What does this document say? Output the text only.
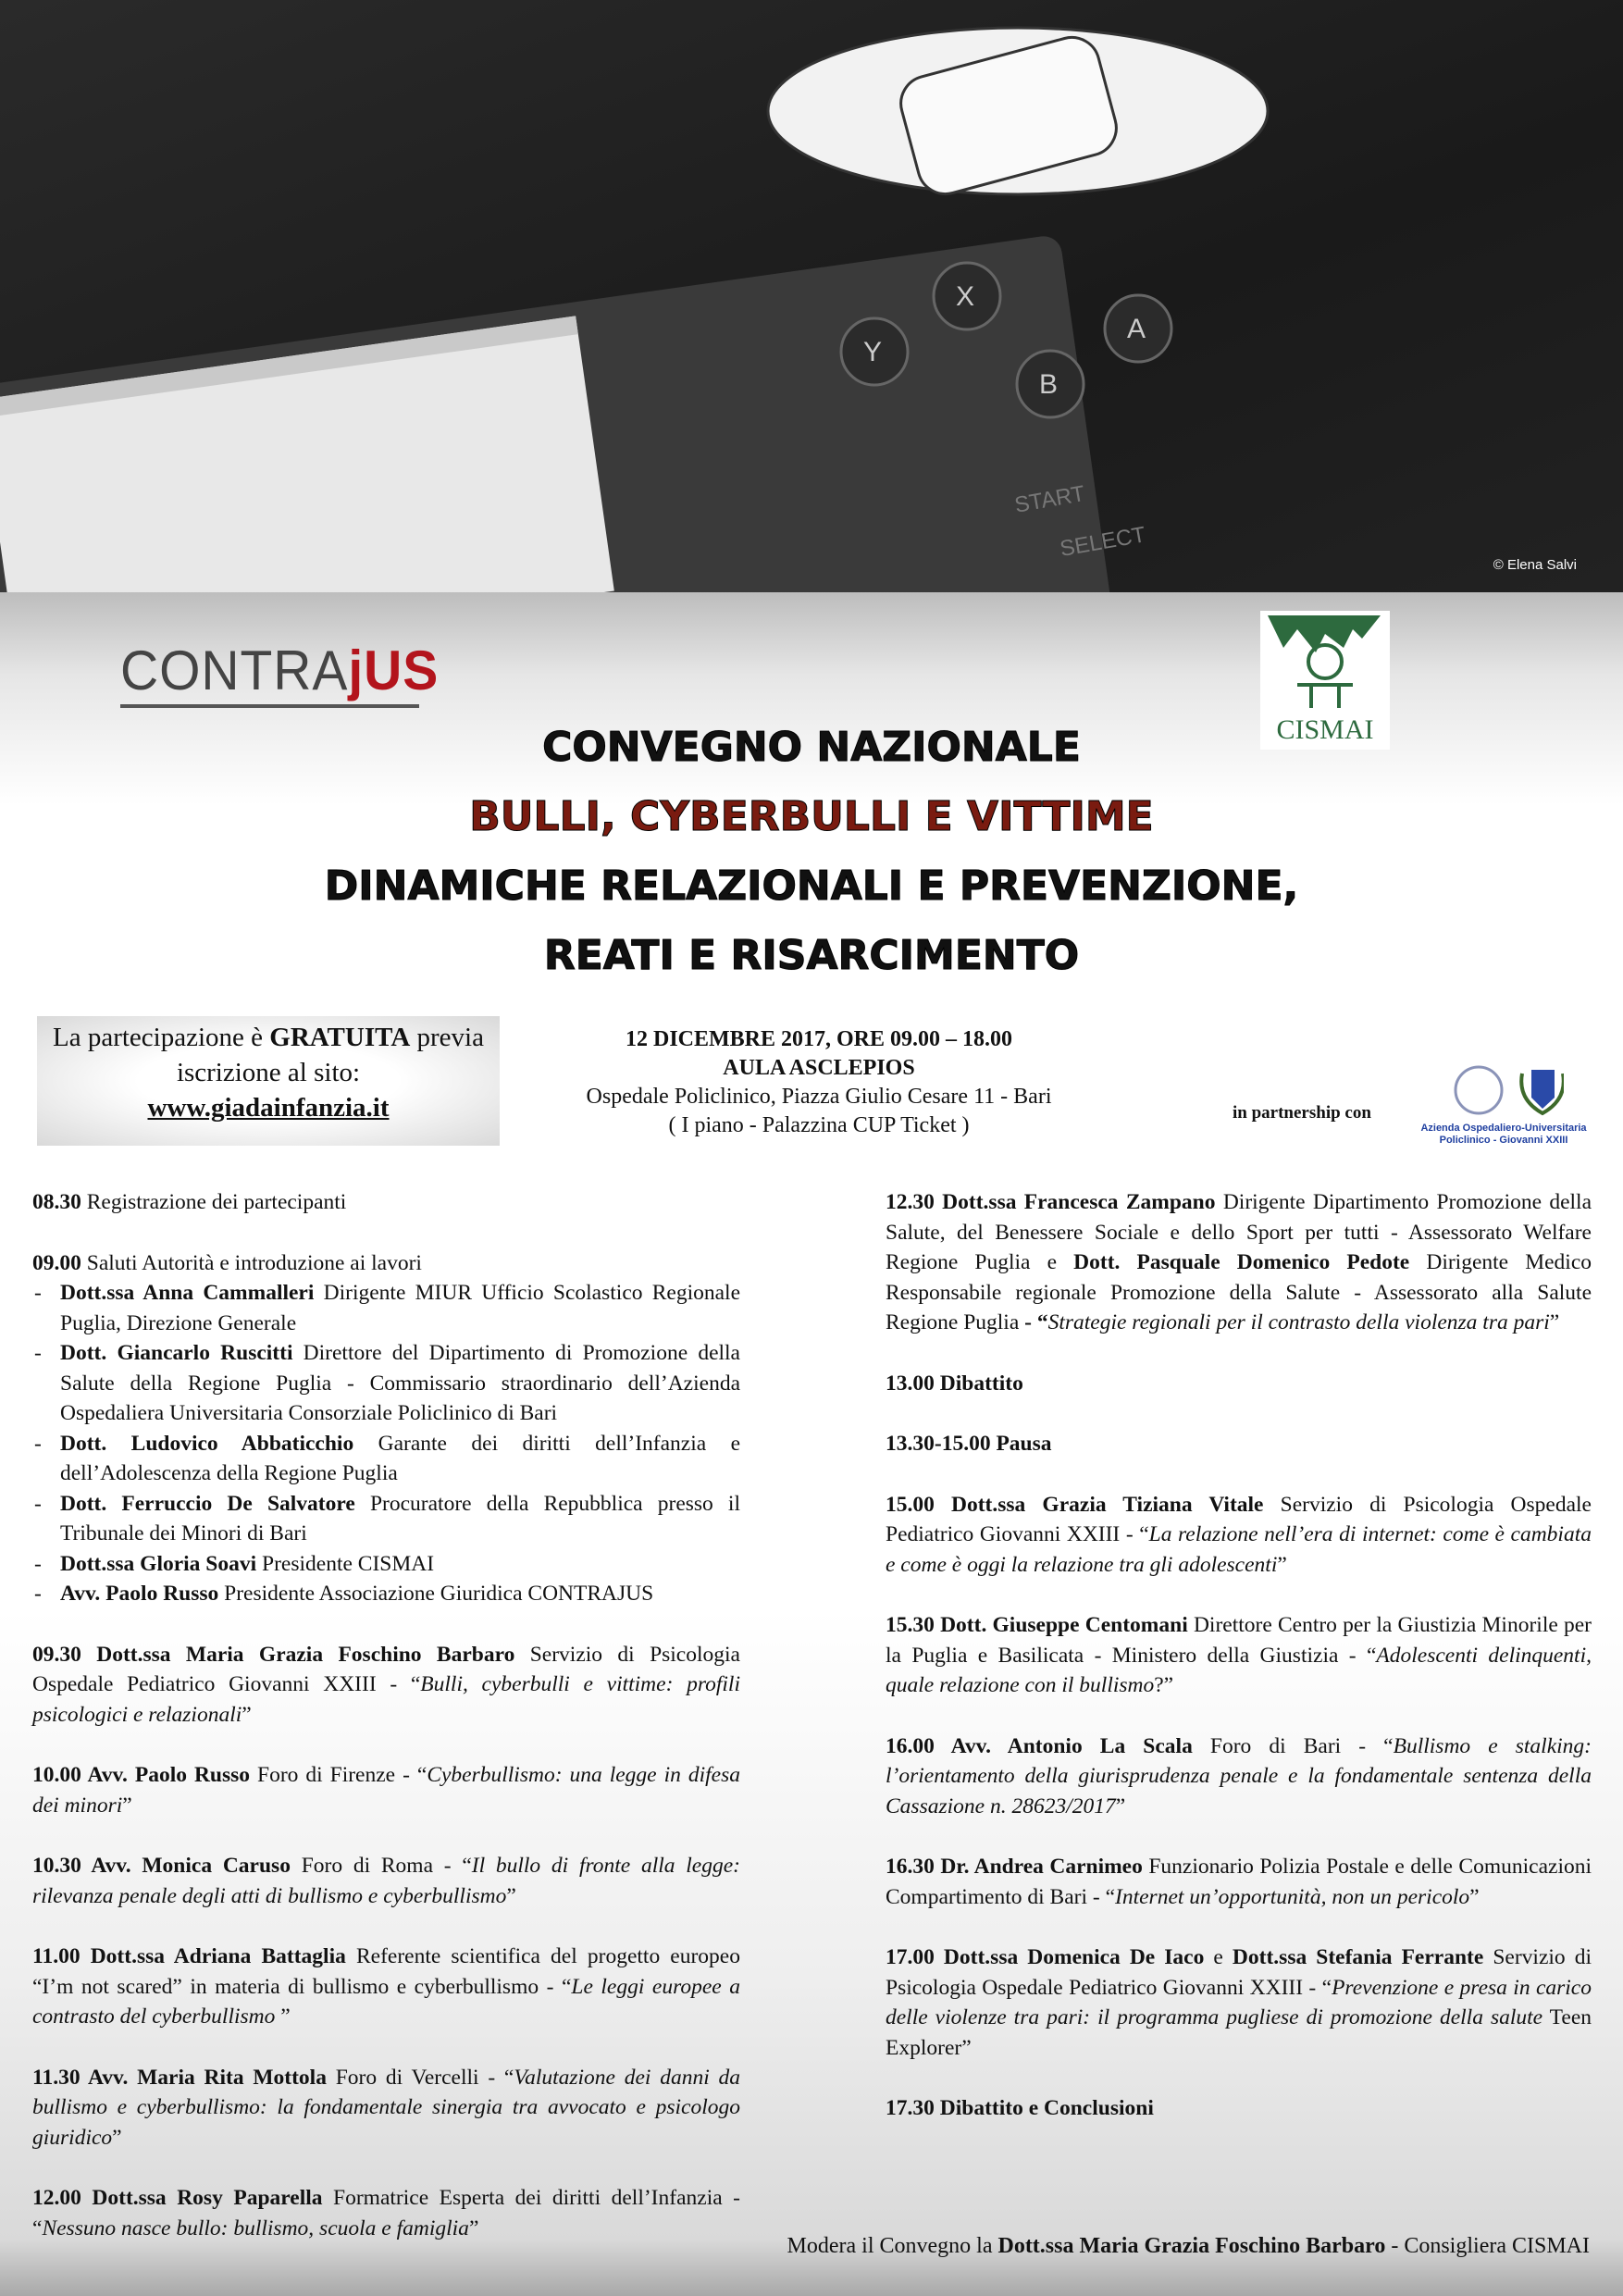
X
Y
A
B
START
SELECT
© Elena Salvi
CONTRAjUS
CISMAI
CONVEGNO NAZIONALE
BULLI, CYBERBULLI E VITTIME
DINAMICHE RELAZIONALI E PREVENZIONE,
REATI E RISARCIMENTO
La partecipazione è GRATUITA previa
iscrizione al sito:
www.giadainfanzia.it
12 DICEMBRE 2017, ORE 09.00 – 18.00
AULA ASCLEPIOS
Ospedale Policlinico, Piazza Giulio Cesare 11 - Bari
( I piano - Palazzina CUP Ticket )
in partnership con
Azienda Ospedaliero-Universitaria
Policlinico - Giovanni XXIII
08.30 Registrazione dei partecipanti
09.00 Saluti Autorità e introduzione ai lavori
- Dott.ssa Anna Cammalleri Dirigente MIUR Ufficio Scolastico Regionale Puglia, Direzione Generale
- Dott. Giancarlo Ruscitti Direttore del Dipartimento di Promozione della Salute della Regione Puglia - Commissario straordinario dell’Azienda Ospedaliera Universitaria Consorziale Policlinico di Bari
- Dott. Ludovico Abbaticchio Garante dei diritti dell’Infanzia e dell’Adolescenza della Regione Puglia
- Dott. Ferruccio De Salvatore Procuratore della Repubblica presso il Tribunale dei Minori di Bari
- Dott.ssa Gloria Soavi Presidente CISMAI
- Avv. Paolo Russo Presidente Associazione Giuridica CONTRAJUS
09.30 Dott.ssa Maria Grazia Foschino Barbaro Servizio di Psicologia Ospedale Pediatrico Giovanni XXIII - “Bulli, cyberbulli e vittime: profili psicologici e relazionali”
10.00 Avv. Paolo Russo Foro di Firenze - “Cyberbullismo: una legge in difesa dei minori”
10.30 Avv. Monica Caruso Foro di Roma - “Il bullo di fronte alla legge: rilevanza penale degli atti di bullismo e cyberbullismo”
11.00 Dott.ssa Adriana Battaglia Referente scientifica del progetto europeo “I’m not scared” in materia di bullismo e cyberbullismo - “Le leggi europee a contrasto del cyberbullismo ”
11.30 Avv. Maria Rita Mottola Foro di Vercelli - “Valutazione dei danni da bullismo e cyberbullismo: la fondamentale sinergia tra avvocato e psicologo giuridico”
12.00 Dott.ssa Rosy Paparella Formatrice Esperta dei diritti dell’Infanzia - “Nessuno nasce bullo: bullismo, scuola e famiglia”
12.30 Dott.ssa Francesca Zampano Dirigente Dipartimento Promozione della Salute, del Benessere Sociale e dello Sport per tutti - Assessorato Welfare Regione Puglia e Dott. Pasquale Domenico Pedote Dirigente Medico Responsabile regionale Promozione della Salute - Assessorato alla Salute Regione Puglia - “Strategie regionali per il contrasto della violenza tra pari”
13.00 Dibattito
13.30-15.00 Pausa
15.00 Dott.ssa Grazia Tiziana Vitale Servizio di Psicologia Ospedale Pediatrico Giovanni XXIII - “La relazione nell’era di internet: come è cambiata e come è oggi la relazione tra gli adolescenti”
15.30 Dott. Giuseppe Centomani Direttore Centro per la Giustizia Minorile per la Puglia e Basilicata - Ministero della Giustizia - “Adolescenti delinquenti, quale relazione con il bullismo?”
16.00 Avv. Antonio La Scala Foro di Bari - “Bullismo e stalking: l’orientamento della giurisprudenza penale e la fondamentale sentenza della Cassazione n. 28623/2017”
16.30 Dr. Andrea Carnimeo Funzionario Polizia Postale e delle Comunicazioni Compartimento di Bari - “Internet un’opportunità, non un pericolo”
17.00 Dott.ssa Domenica De Iaco e Dott.ssa Stefania Ferrante Servizio di Psicologia Ospedale Pediatrico Giovanni XXIII - “Prevenzione e presa in carico delle violenze tra pari: il programma pugliese di promozione della salute Teen Explorer”
17.30 Dibattito e Conclusioni
Modera il Convegno la Dott.ssa Maria Grazia Foschino Barbaro - Consigliera CISMAI
